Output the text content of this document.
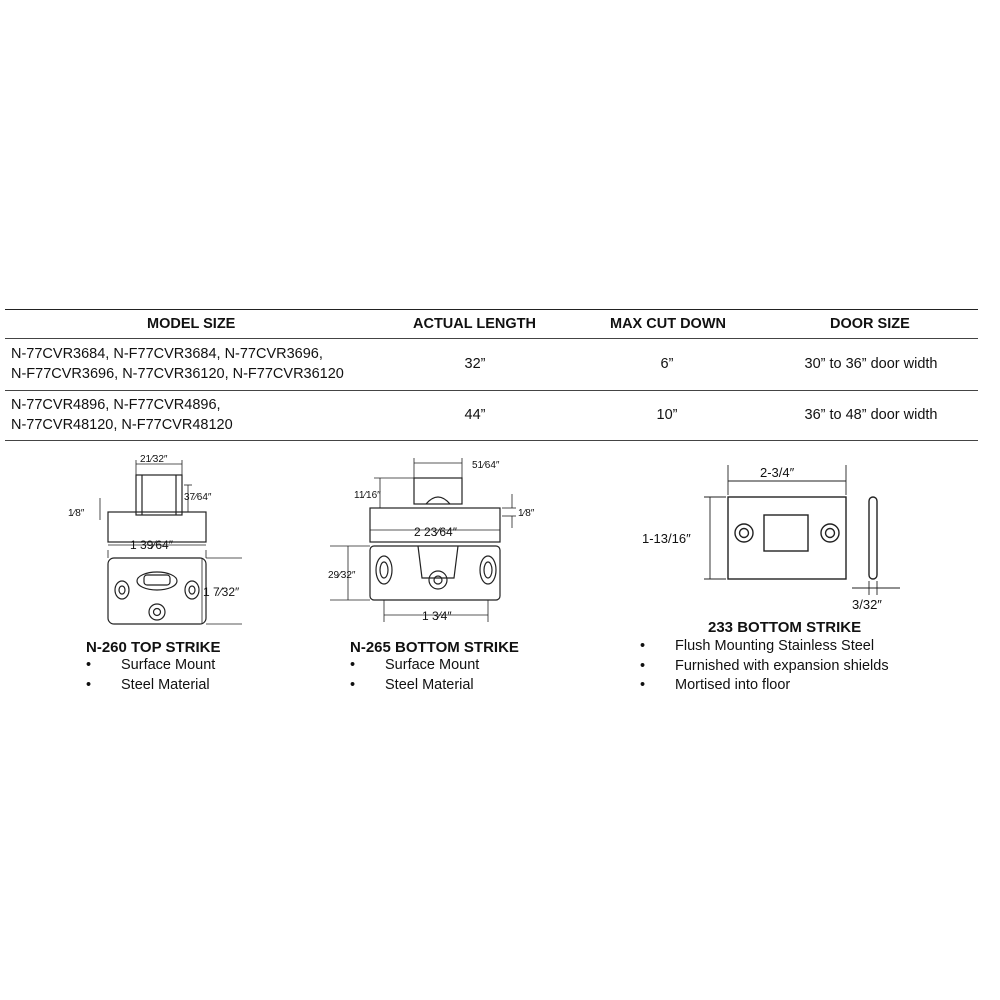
MODEL SIZE	ACTUAL LENGTH	MAX CUT DOWN	DOOR SIZE
N-77CVR3684, N-F77CVR3684, N-77CVR3696,
N-F77CVR3696, N-77CVR36120, N-F77CVR36120
32”	6”	30” to 36” door width
N-77CVR4896, N-F77CVR4896,
N-77CVR48120, N-F77CVR48120
44”	10”	36” to 48” door width
21⁄32″
37⁄64″
1⁄8″
1 39⁄64″
1 7⁄32″
51⁄64″
11⁄16″
1⁄8″
2 23⁄64″
29⁄32″
1 3⁄4″
2-3/4″
1-13/16″
3/32″
N-260 TOP STRIKE
• Surface Mount
• Steel Material
N-265 BOTTOM STRIKE
• Surface Mount
• Steel Material
233 BOTTOM STRIKE
• Flush Mounting Stainless Steel
• Furnished with expansion shields
• Mortised into floor
